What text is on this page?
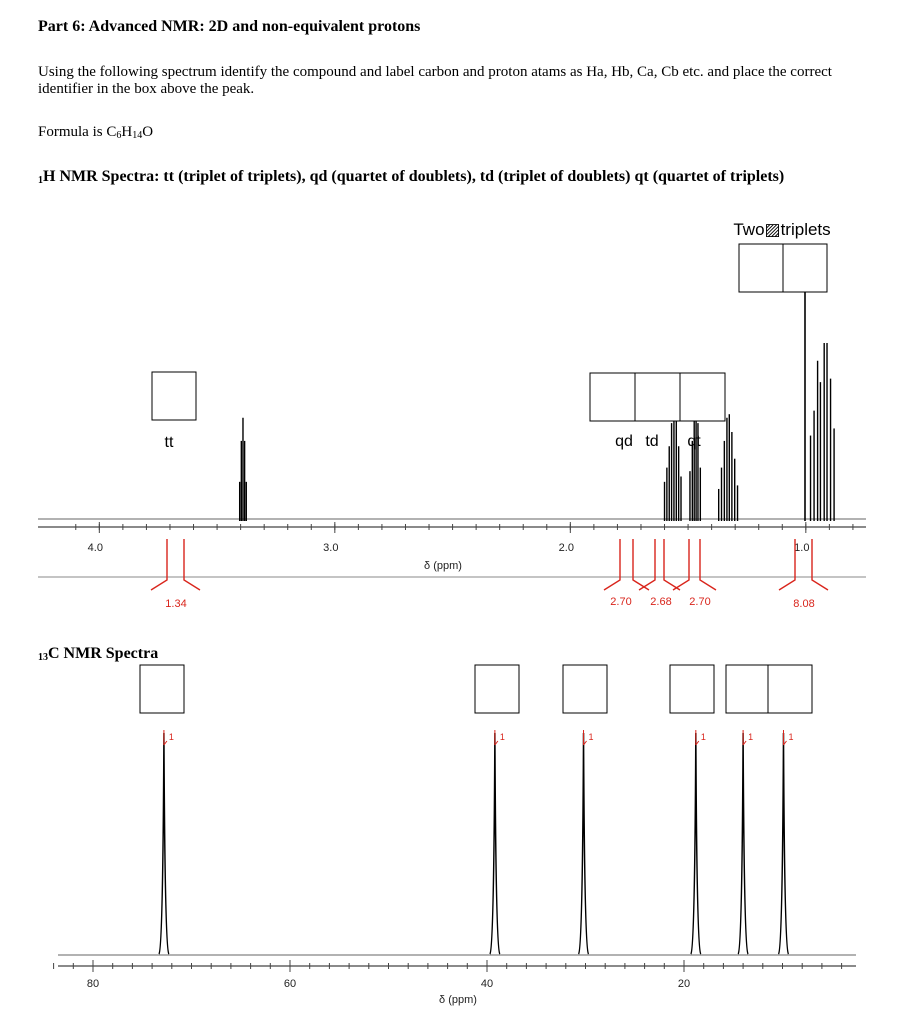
Part 6: Advanced NMR: 2D and non-equivalent protons
Using the following spectrum identify the compound and label carbon and proton atams as Ha, Hb, Ca, Cb etc. and place the correct identifier in the box above the peak.
Formula is $C_6H_{14}O$
1H NMR Spectra: tt (triplet of triplets), qd (quartet of doublets), td (triplet of doublets) qt (quartet of triplets)
13C NMR Spectra
4.0	3.0	2.0	1.0
δ (ppm)
1.34	2.70 2.68 2.70	8.08
tt	qd td qt
Two▨triplets
80	60	40	20
δ (ppm)
1	1	1	1	1	1
